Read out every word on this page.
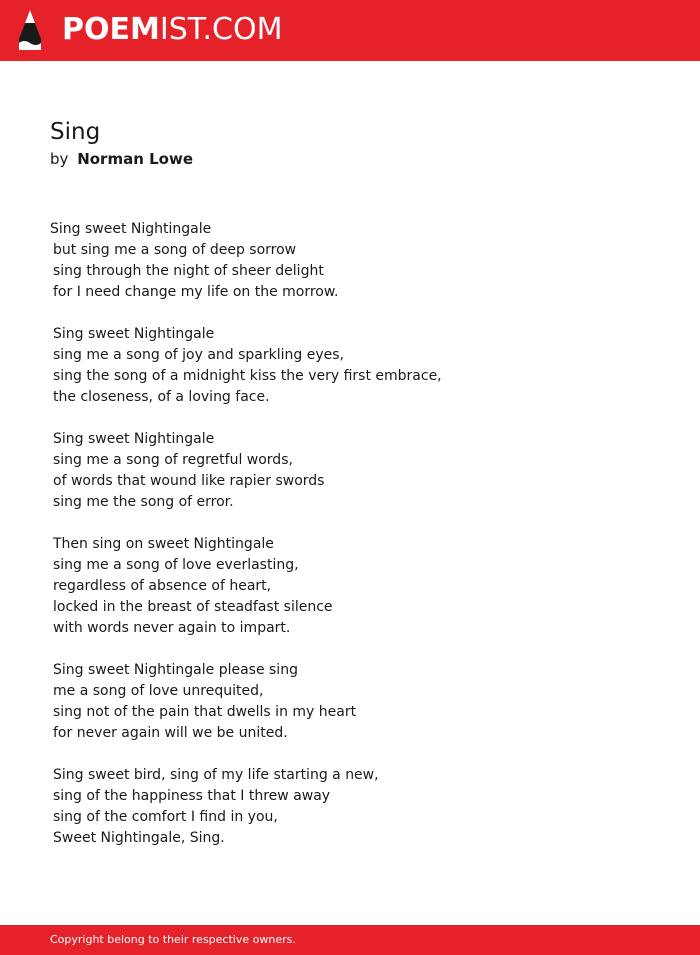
POEMIST.COM
Sing
by Norman Lowe
Sing sweet Nightingale
but sing me a song of deep sorrow
sing through the night of sheer delight
for I need change my life on the morrow.
Sing sweet Nightingale
sing me a song of joy and sparkling eyes,
sing the song of a midnight kiss the very first embrace,
the closeness, of a loving face.
Sing sweet Nightingale
sing me a song of regretful words,
of words that wound like rapier swords
sing me the song of error.
Then sing on sweet Nightingale
sing me a song of love everlasting,
regardless of absence of heart,
locked in the breast of steadfast silence
with words never again to impart.
Sing sweet Nightingale please sing
me a song of love unrequited,
sing not of the pain that dwells in my heart
for never again will we be united.
Sing sweet bird, sing of my life starting a new,
sing of the happiness that I threw away
sing of the comfort I find in you,
Sweet Nightingale, Sing.
Copyright belong to their respective owners.
